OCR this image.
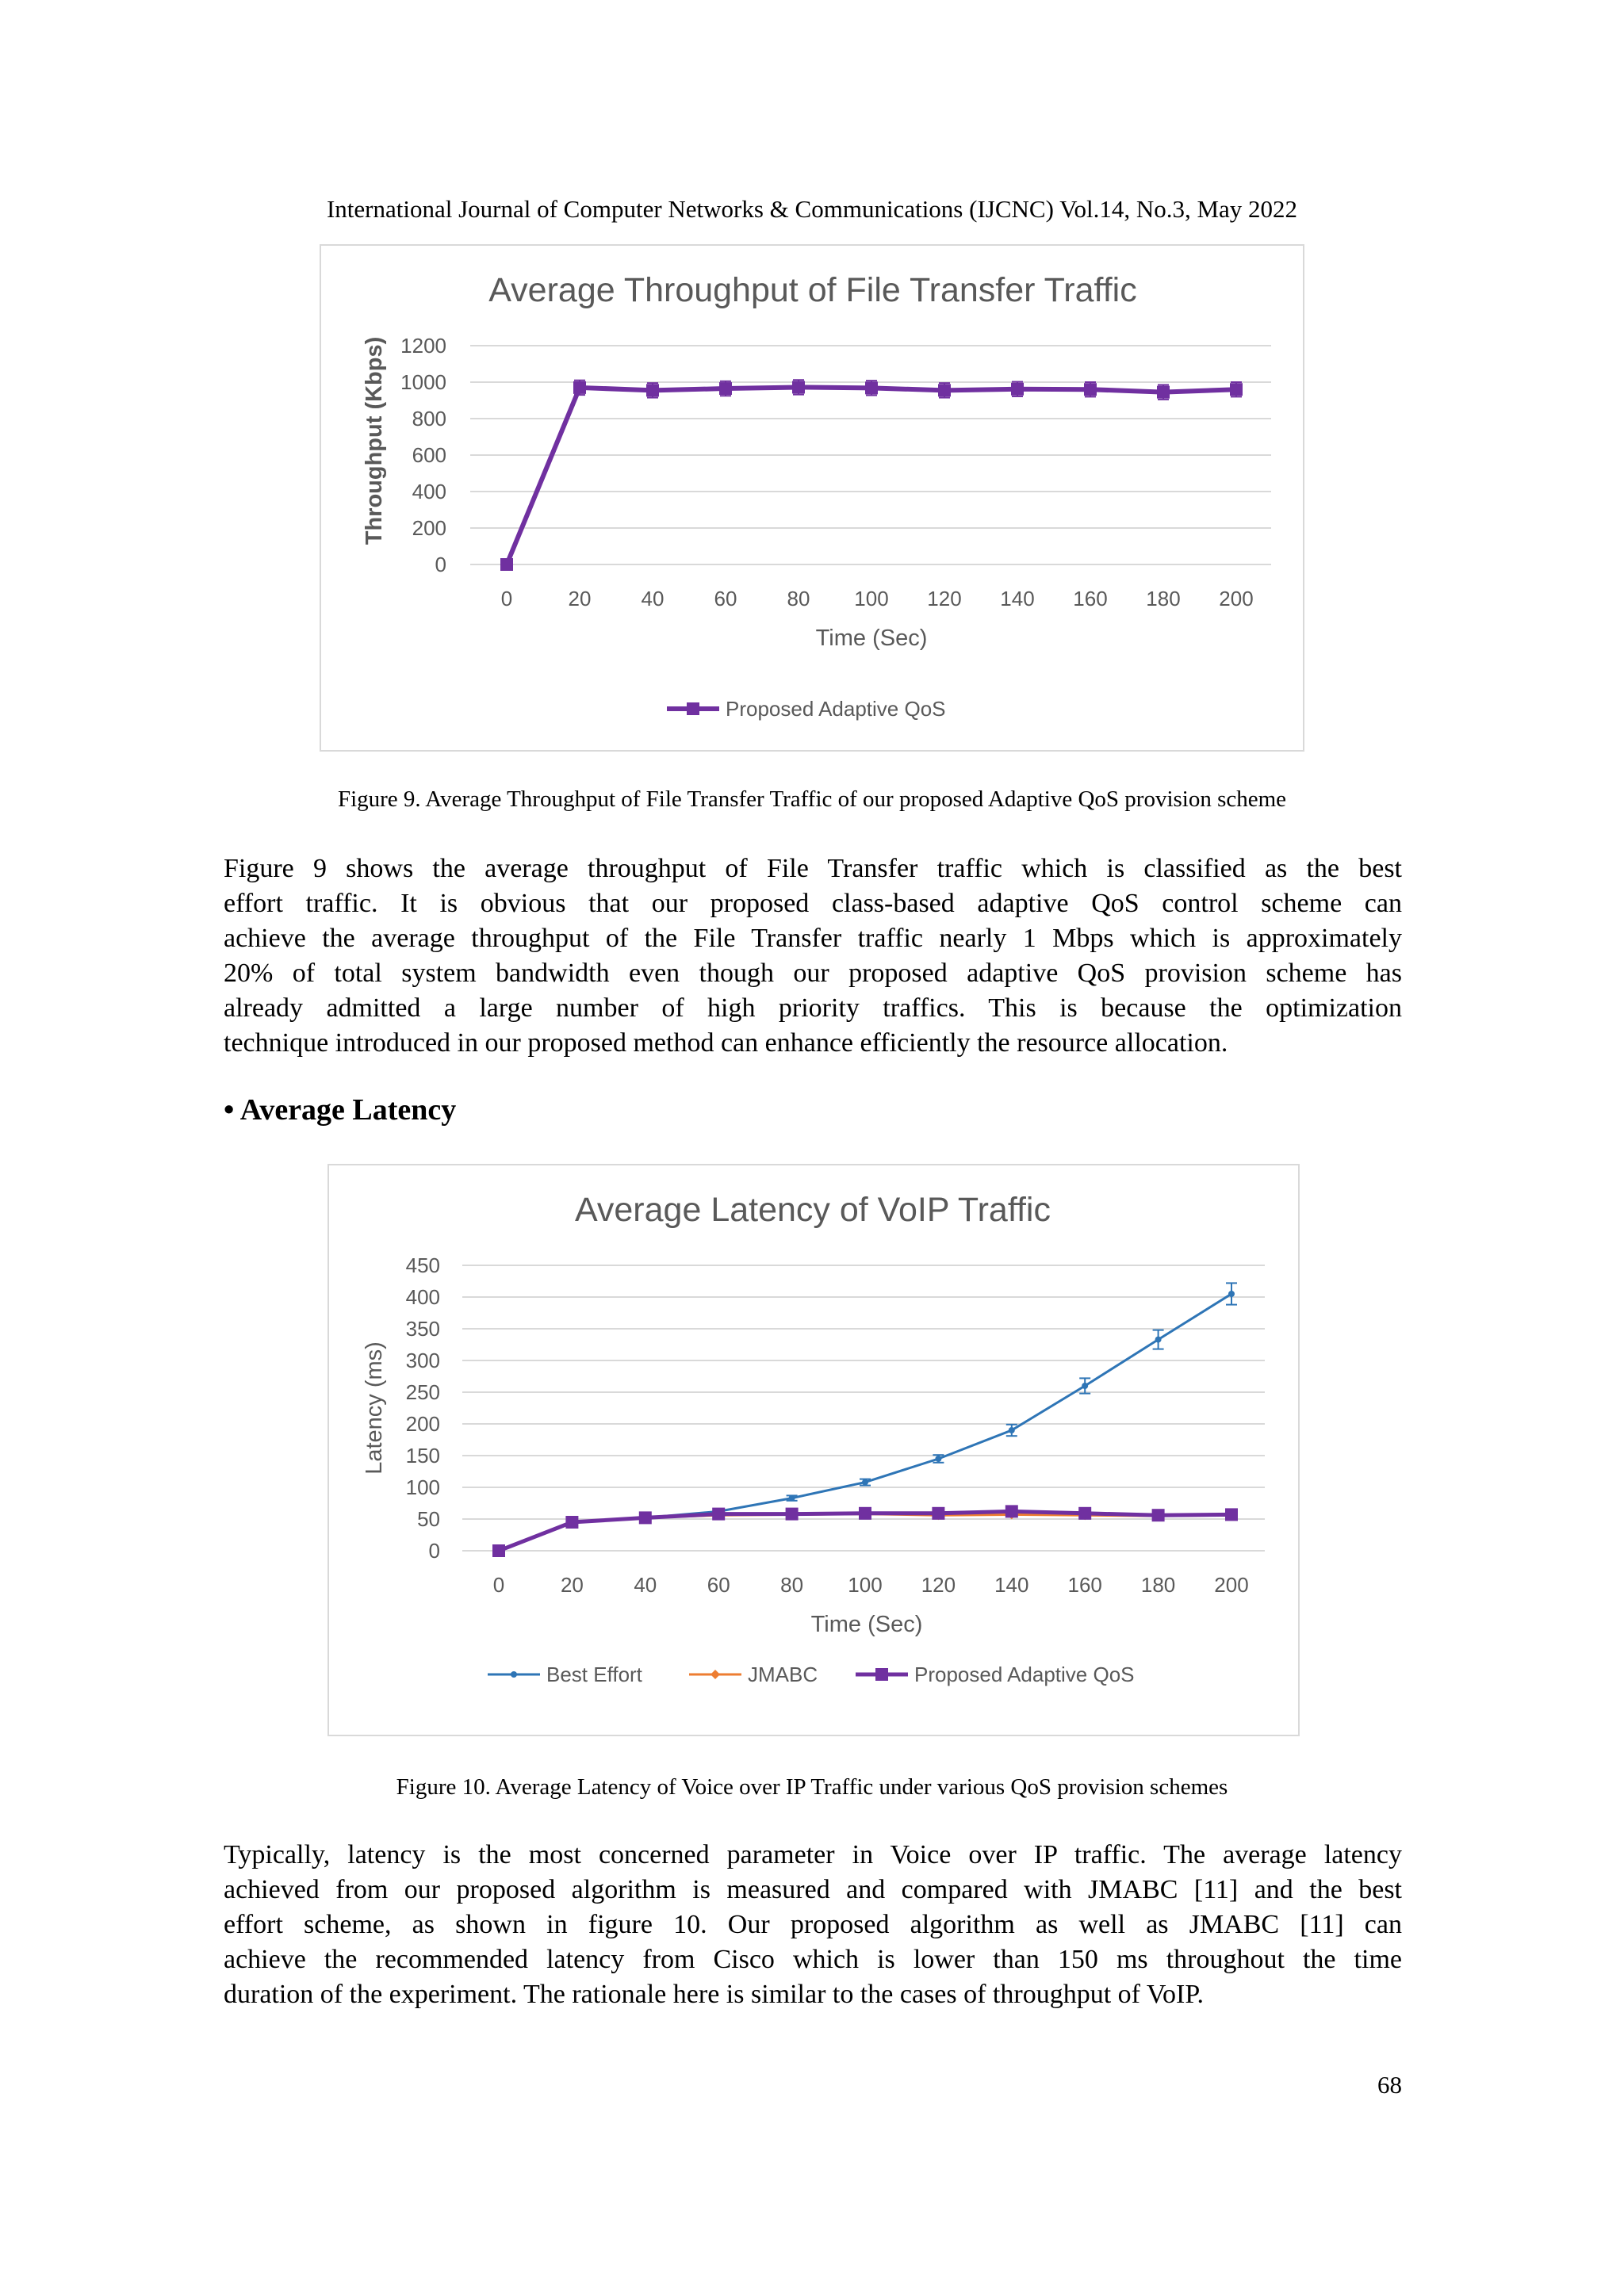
International Journal of Computer Networks & Communications (IJCNC) Vol.14, No.3, May 2022
Average Throughput of File Transfer Traffic
0
200
400
600
800
1000
1200
0	20 40 60 80 100 120 140 160 180 200
Time (Sec)
Throughput (Kbps)
Proposed Adaptive QoS
Figure 9. Average Throughput of File Transfer Traffic of our proposed Adaptive QoS provision scheme
Figure 9 shows the average throughput of File Transfer traffic which is classified as the best
effort traffic. It is obvious that our proposed class-based adaptive QoS control scheme can
achieve the average throughput of the File Transfer traffic nearly 1 Mbps which is approximately
20% of total system bandwidth even though our proposed adaptive QoS provision scheme has
already admitted a large number of high priority traffics. This is because the optimization
technique introduced in our proposed method can enhance efficiently the resource allocation.
• Average Latency
Average Latency of VoIP Traffic
0
50
100
150
200
250
300
350
400
450
0	20 40 60 80 100 120 140 160 180 200
Time (Sec)
Latency (ms)
Best Effort	JMABC	Proposed Adaptive QoS
Figure 10. Average Latency of Voice over IP Traffic under various QoS provision schemes
Typically, latency is the most concerned parameter in Voice over IP traffic. The average latency
achieved from our proposed algorithm is measured and compared with JMABC [11] and the best
effort scheme, as shown in figure 10. Our proposed algorithm as well as JMABC [11] can
achieve the recommended latency from Cisco which is lower than 150 ms throughout the time
duration of the experiment. The rationale here is similar to the cases of throughput of VoIP.
68
